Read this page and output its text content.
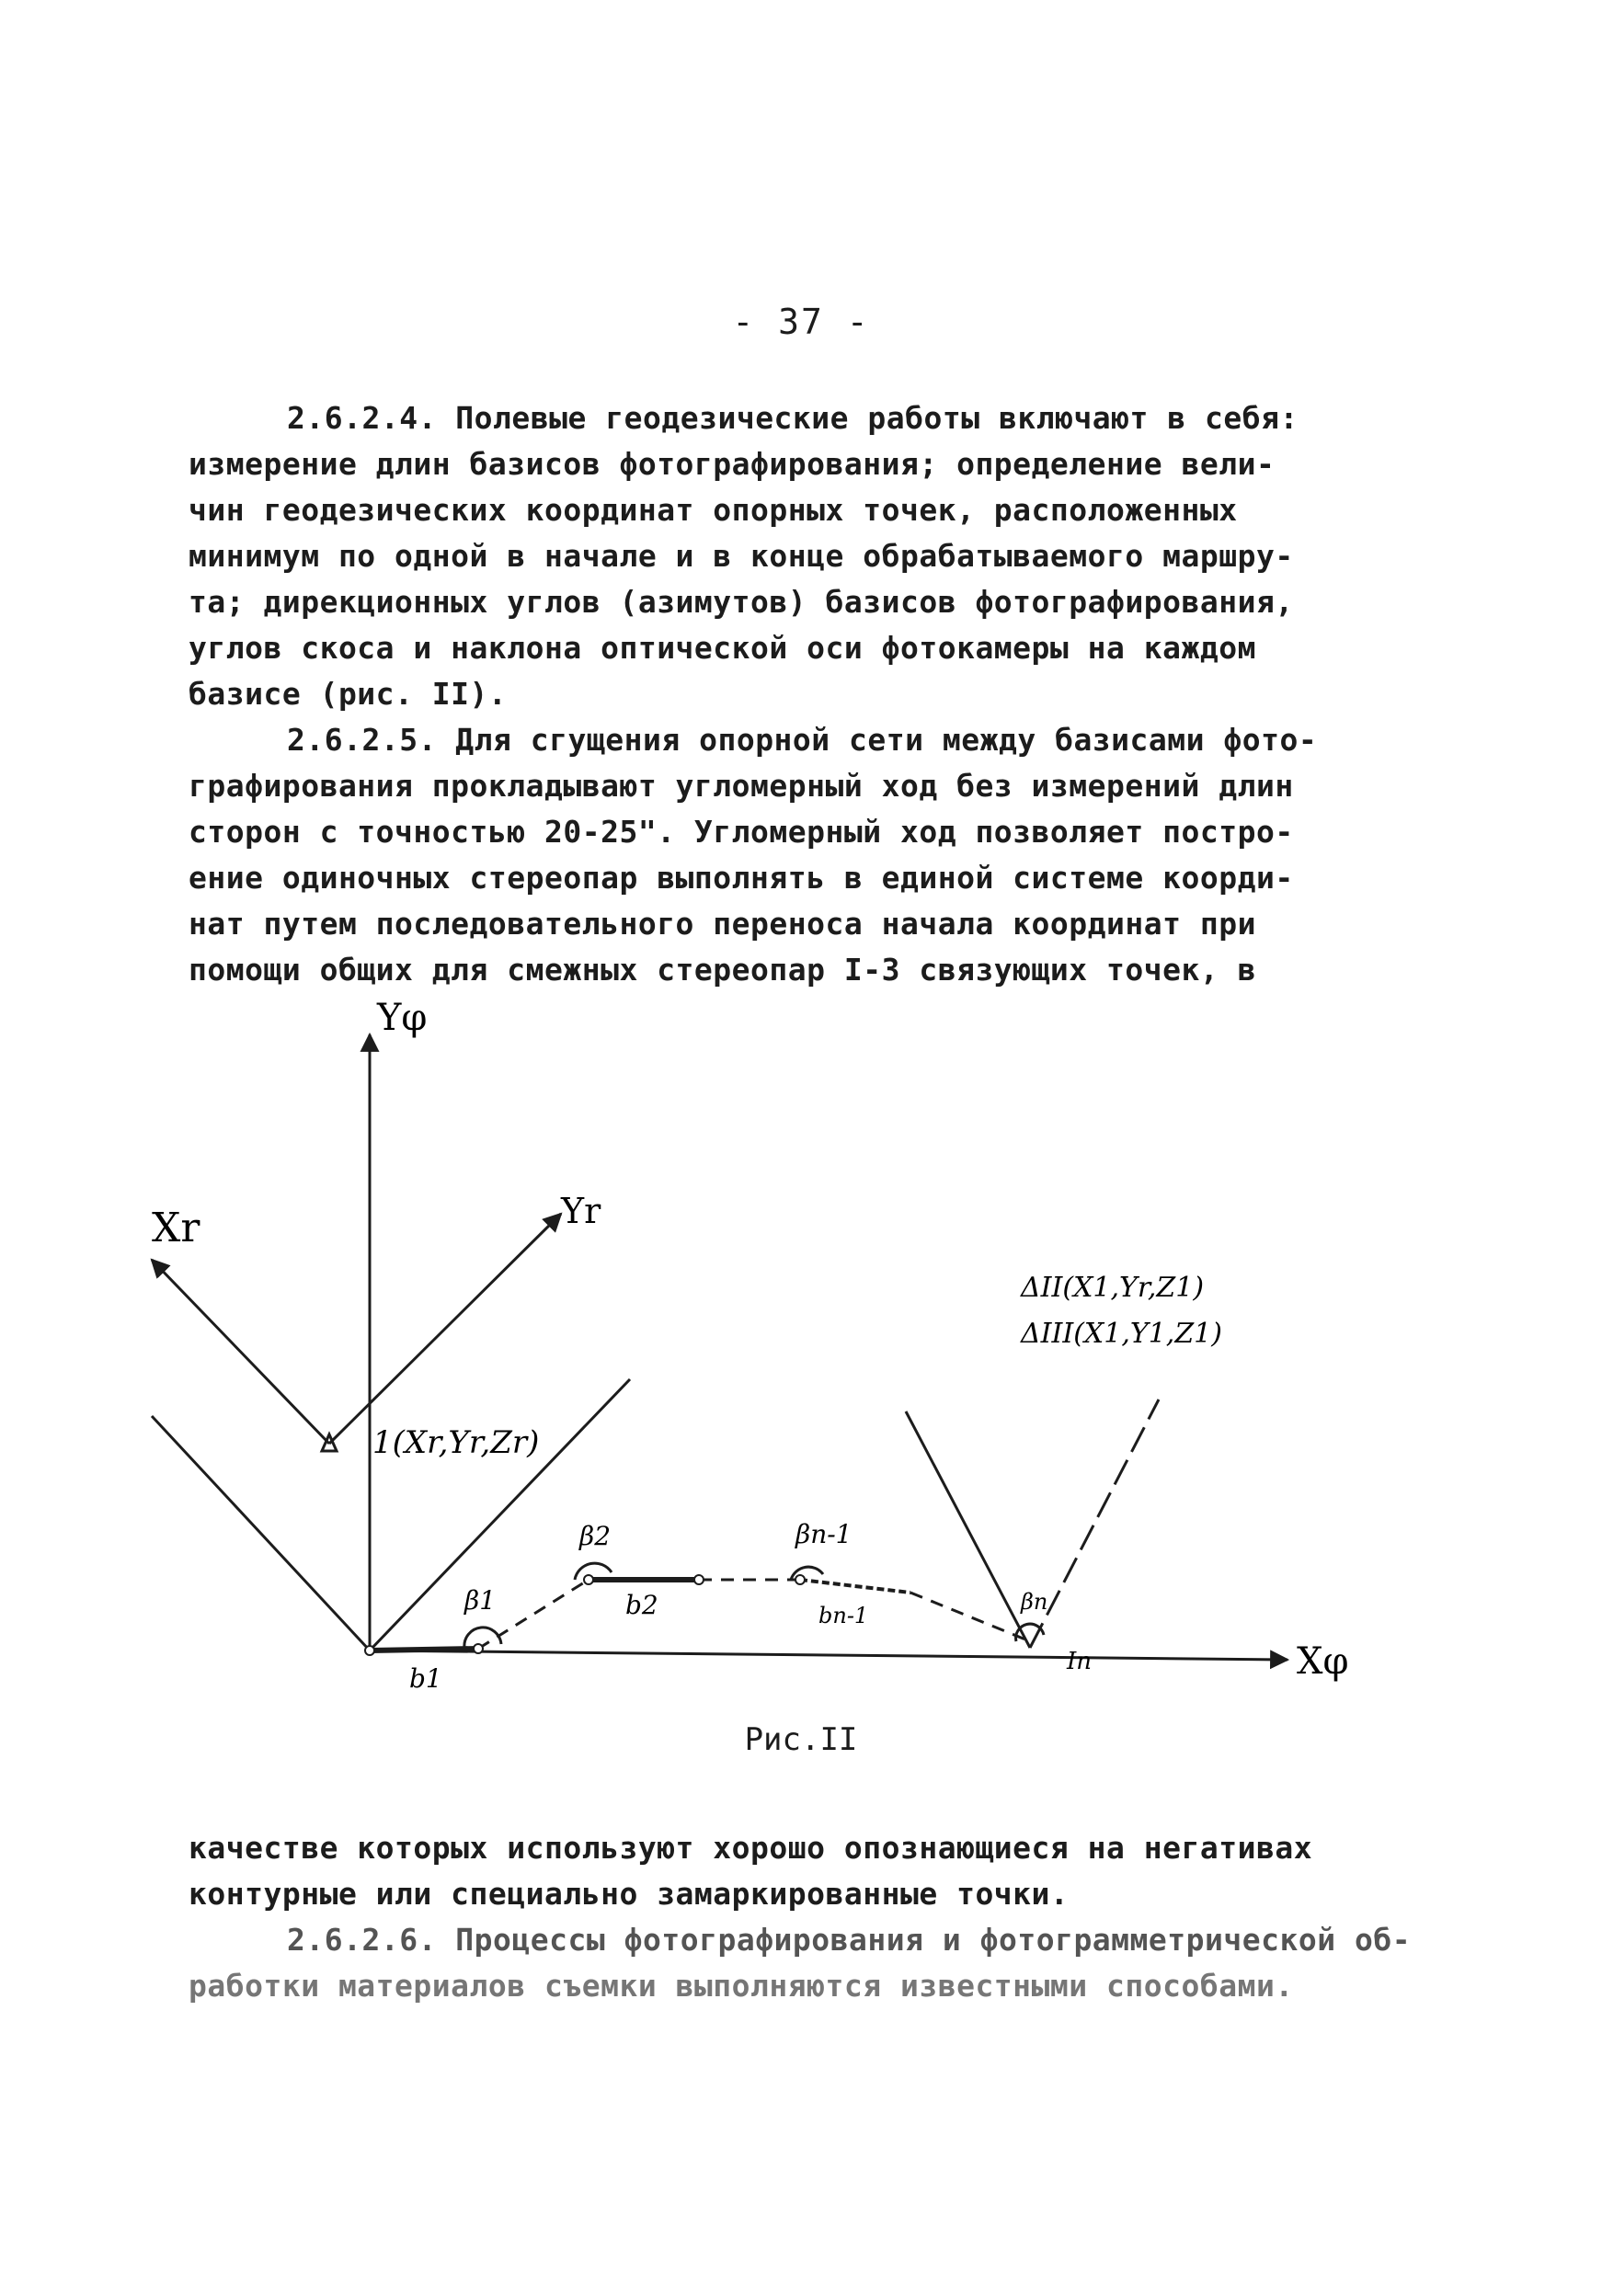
- 37 -
2.6.2.4. Полевые геодезические работы включают в себя:
измерение длин базисов фотографирования; определение вели-
чин геодезических координат опорных точек, расположенных
минимум по одной в начале и в конце обрабатываемого маршру-
та; дирекционных углов (азимутов) базисов фотографирования,
углов скоса и наклона оптической оси фотокамеры на каждом
базисе (рис. II).
2.6.2.5. Для сгущения опорной сети между базисами фото-
графирования прокладывают угломерный ход без измерений длин
сторон с точностью 20-25". Угломерный ход позволяет постро-
ение одиночных стереопар выполнять в единой системе коорди-
нат путем последовательного переноса начала координат при
помощи общих для смежных стереопар I-3 связующих точек, в
Yφ
Xφ
Xr	Yr
1(Xr,Yr,Zr)
ΔII(X1,Yr,Z1)
ΔIII(X1,Y1,Z1)
β1
β2	βn-1
βn
b1
b2	bn-1
In
Рис.II
качестве которых используют хорошо опознающиеся на негативах
контурные или специально замаркированные точки.
2.6.2.6. Процессы фотографирования и фотограмметрической об-
работки материалов съемки выполняются известными способами.
